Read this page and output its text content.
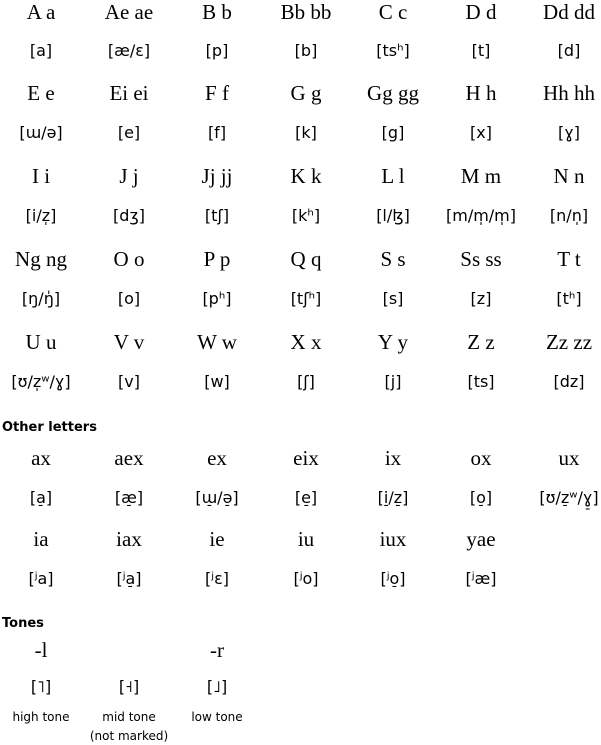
A a
[a]
Ae ae
[æ/ɛ]
B b
[p]
Bb bb
[b]
C c
[tsʰ]
D d
[t]
Dd dd
[d]
E e
[ɯ/ə]
Ei ei
[e]
F f
[f]
G g
[k]
Gg gg
[g]
H h
[x]
Hh hh
[ɣ]
I i
[i/z̩]
J j
[dʒ]
Jj jj
[tʃ]
K k
[kʰ]
L l
[l/ɮ]
M m
[m/m̩/m̩]
N n
[n/n̩]
Ng ng
[ŋ/ŋ̍]
O o
[o]
P p
[pʰ]
Q q
[tʃʰ]
S s
[s]
Ss ss
[z]
T t
[tʰ]
U u
[ʊ/z̩ʷ/ɣ]
V v
[v]
W w
[w]
X x
[ʃ]
Y y
[j]
Z z
[ts]
Zz zz
[dz]
Other letters
ax
[a̠]
aex
[æ̠]
ex
[ɯ̠/ə̠]
eix
[e̠]
ix
[i̠/z̠]
ox
[o̠]
ux
[ʊ/z̠ʷ/ɣ̠]
ia
[ʲa]
iax
[ʲa̠]
ie
[ʲɛ]
iu
[ʲo]
iux
[ʲo̠]
yae
[ʲæ]
Tones
-l
[˥]
high tone
[˧]
mid tone
(not marked)
-r
[˩]
low tone
